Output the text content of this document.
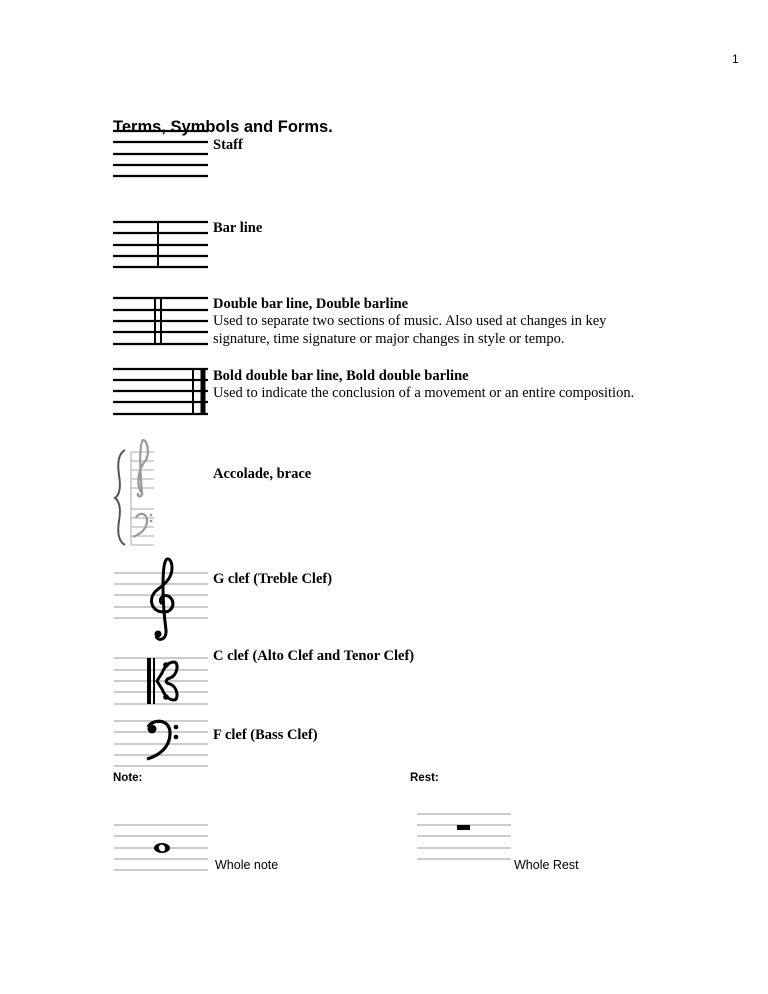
1
Terms, Symbols and Forms.
Staff
Bar line
Double bar line, Double barline
Used to separate two sections of music. Also used at changes in key
signature, time signature or major changes in style or tempo.
Bold double bar line, Bold double barline
Used to indicate the conclusion of a movement or an entire composition.
Accolade, brace
G clef (Treble Clef)
C clef (Alto Clef and Tenor Clef)
F clef (Bass Clef)
Note:	Rest:
Whole note	Whole Rest
